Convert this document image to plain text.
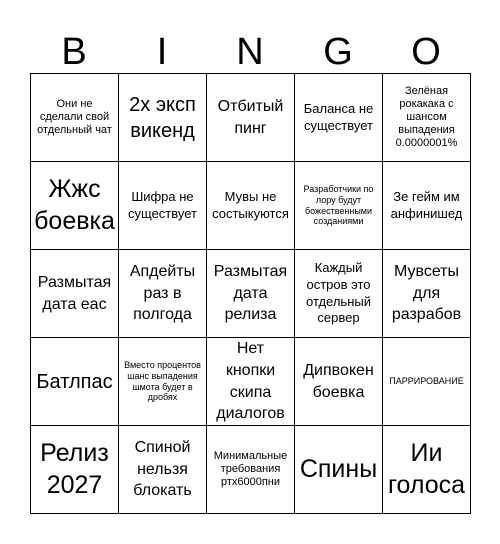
B	I	N	G	O
Они не сделали свой отдельный чат
2х эксп викенд
Отбитый пинг
Баланса не существует
Зелёная рокакака с шансом выпадения 0.0000001%
Жжс боевка
Шифра не существует
Мувы не состыкуются
Разработчики по лору будут божественными созданиями
Зе гейм им анфинишед
Размытая дата еас
Апдейты раз в полгода
Размытая дата релиза
Каждый остров это отдельный сервер
Мувсеты для разрабов
Батлпас
Вместо процентов шанс выпадения шмота будет в дробях
Нет кнопки скипа диалогов
Дипвокен боевка
ПАРРИРОВАНИЕ
Релиз 2027
Спиной нельзя блокать
Минимальные требования ртх6000пни Спины
Ии голоса
